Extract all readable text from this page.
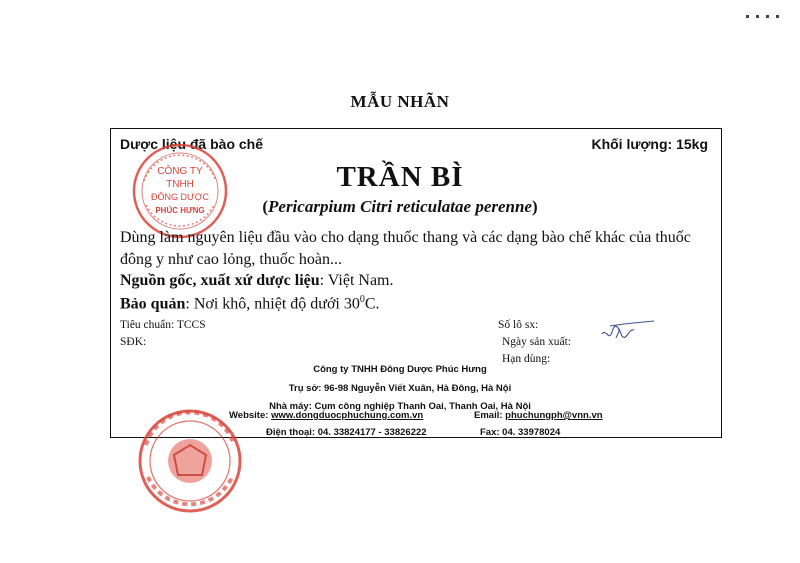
MẪU NHÃN
Dược liệu đã bào chế	Khối lượng: 15kg
CÔNG TY
TNHH
ĐÔNG DƯỢC
PHÚC HƯNG
TRẦN BÌ
(Pericarpium Citri reticulatae perenne)
Dùng làm nguyên liệu đầu vào cho dạng thuốc thang và các dạng bào chế khác của thuốc đông y như cao lỏng, thuốc hoàn...
Nguồn gốc, xuất xứ dược liệu: Việt Nam.
Bảo quản: Nơi khô, nhiệt độ dưới $30^0C$.
Tiêu chuẩn: TCCS
SĐK:
Số lô sx:
Ngày sản xuất:
Hạn dùng:
Công ty TNHH Đông Dược Phúc Hưng
Trụ sở: 96-98 Nguyễn Viết Xuân, Hà Đông, Hà Nội
Nhà máy: Cụm công nghiệp Thanh Oai, Thanh Oai, Hà Nội
Website: www.dongduocphuchung.com.vn	Email: phuchungph@vnn.vn
Điện thoại: 04. 33824177 - 33826222	Fax: 04. 33978024
